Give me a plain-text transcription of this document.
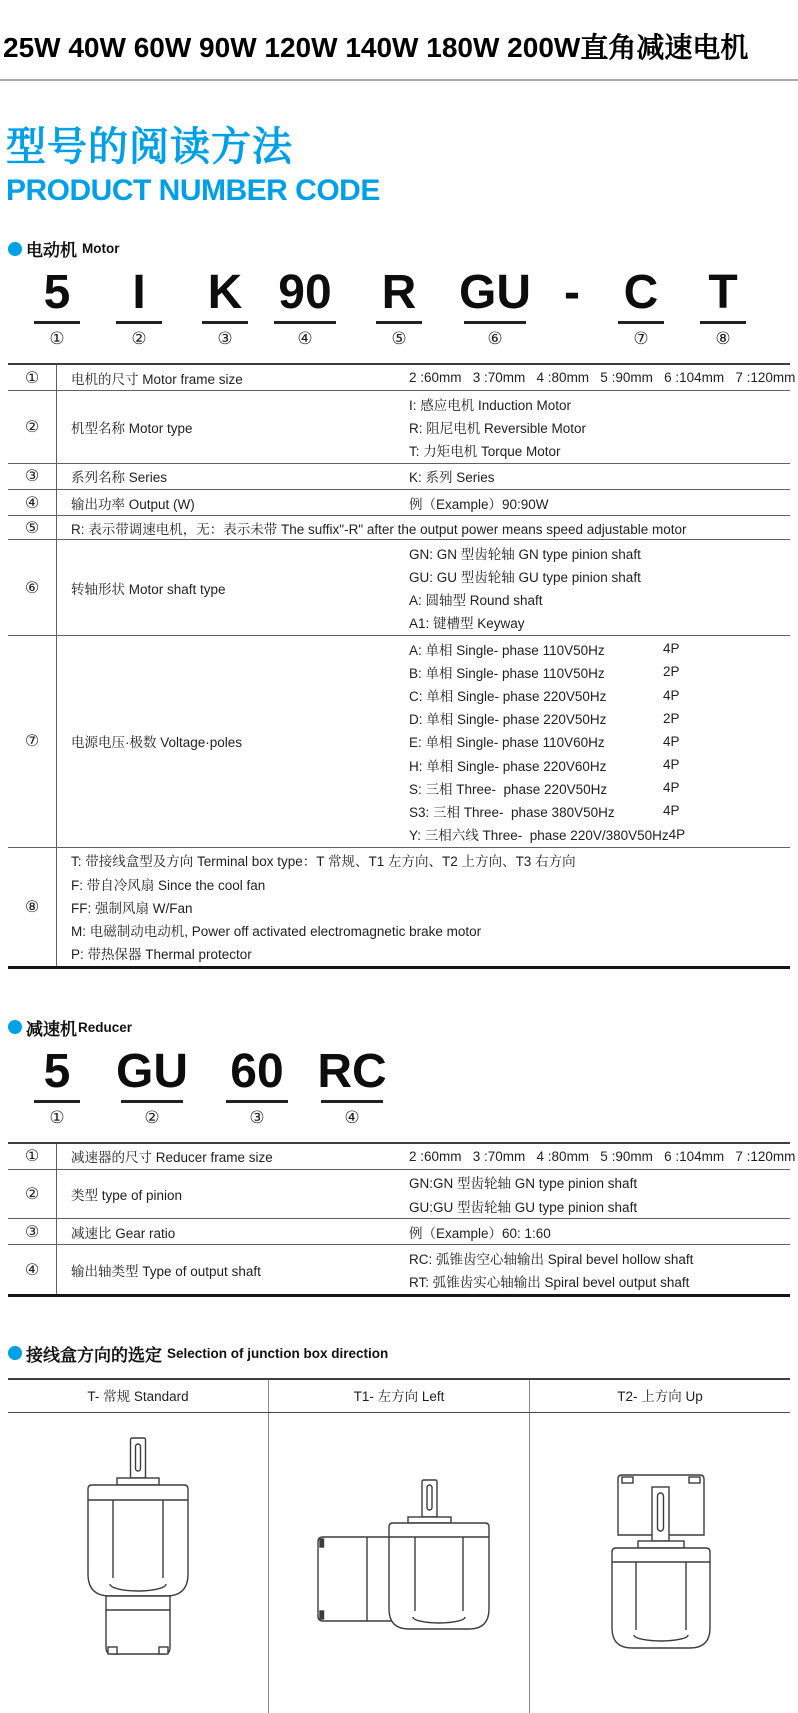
25W 40W 60W 90W 120W 140W 180W 200W直角减速电机
型号的阅读方法
PRODUCT NUMBER CODE
电动机 Motor
5
①
I
②
K
③
90
④
R
⑤
GU
⑥
- C
⑦
T
⑧
①	电机的尺寸 Motor frame size	2 :60mm   3 :70mm   4 :80mm   5 :90mm   6 :104mm   7 :120mm
②	机型名称 Motor type
I: 感应电机 Induction Motor
R: 阻尼电机 Reversible Motor
T: 力矩电机 Torque Motor
③	系列名称 Series	K: 系列 Series
④	输出功率 Output (W)	例（Example）90:90W
⑤	R: 表示带调速电机，无：表示未带 The suffix"-R" after the output power means speed adjustable motor
⑥	转轴形状 Motor shaft type
GN: GN 型齿轮轴 GN type pinion shaft
GU: GU 型齿轮轴 GU type pinion shaft
A: 圆轴型 Round shaft
A1: 键槽型 Keyway
⑦	电源电压·极数 Voltage·poles
A: 单相 Single- phase 110V50Hz	4P
B: 单相 Single- phase 110V50Hz	2P
C: 单相 Single- phase 220V50Hz	4P
D: 单相 Single- phase 220V50Hz	2P
E: 单相 Single- phase 110V60Hz	4P
H: 单相 Single- phase 220V60Hz	4P
S: 三相 Three-  phase 220V50Hz	4P
S3: 三相 Three-  phase 380V50Hz	4P
Y: 三相六线 Three-  phase 220V/380V50Hz 4P
⑧
T: 带接线盒型及方向 Terminal box type：T 常规、T1 左方向、T2 上方向、T3 右方向
F: 带自冷风扇 Since the cool fan
FF: 强制风扇 W/Fan
M: 电磁制动电动机, Power off activated electromagnetic brake motor
P: 带热保器 Thermal protector
减速机 Reducer
5
①
GU
②
60
③
RC
④
①	减速器的尺寸 Reducer frame size	2 :60mm   3 :70mm   4 :80mm   5 :90mm   6 :104mm   7 :120mm
②	类型 type of pinion
GN:GN 型齿轮轴 GN type pinion shaft
GU:GU 型齿轮轴 GU type pinion shaft
③	减速比 Gear ratio	例（Example）60: 1:60
④	输出轴类型 Type of output shaft
RC: 弧锥齿空心轴输出 Spiral bevel hollow shaft
RT: 弧锥齿实心轴输出 Spiral bevel output shaft
接线盒方向的选定 Selection of junction box direction
T- 常规 Standard	T1- 左方向 Left	T2- 上方向 Up
